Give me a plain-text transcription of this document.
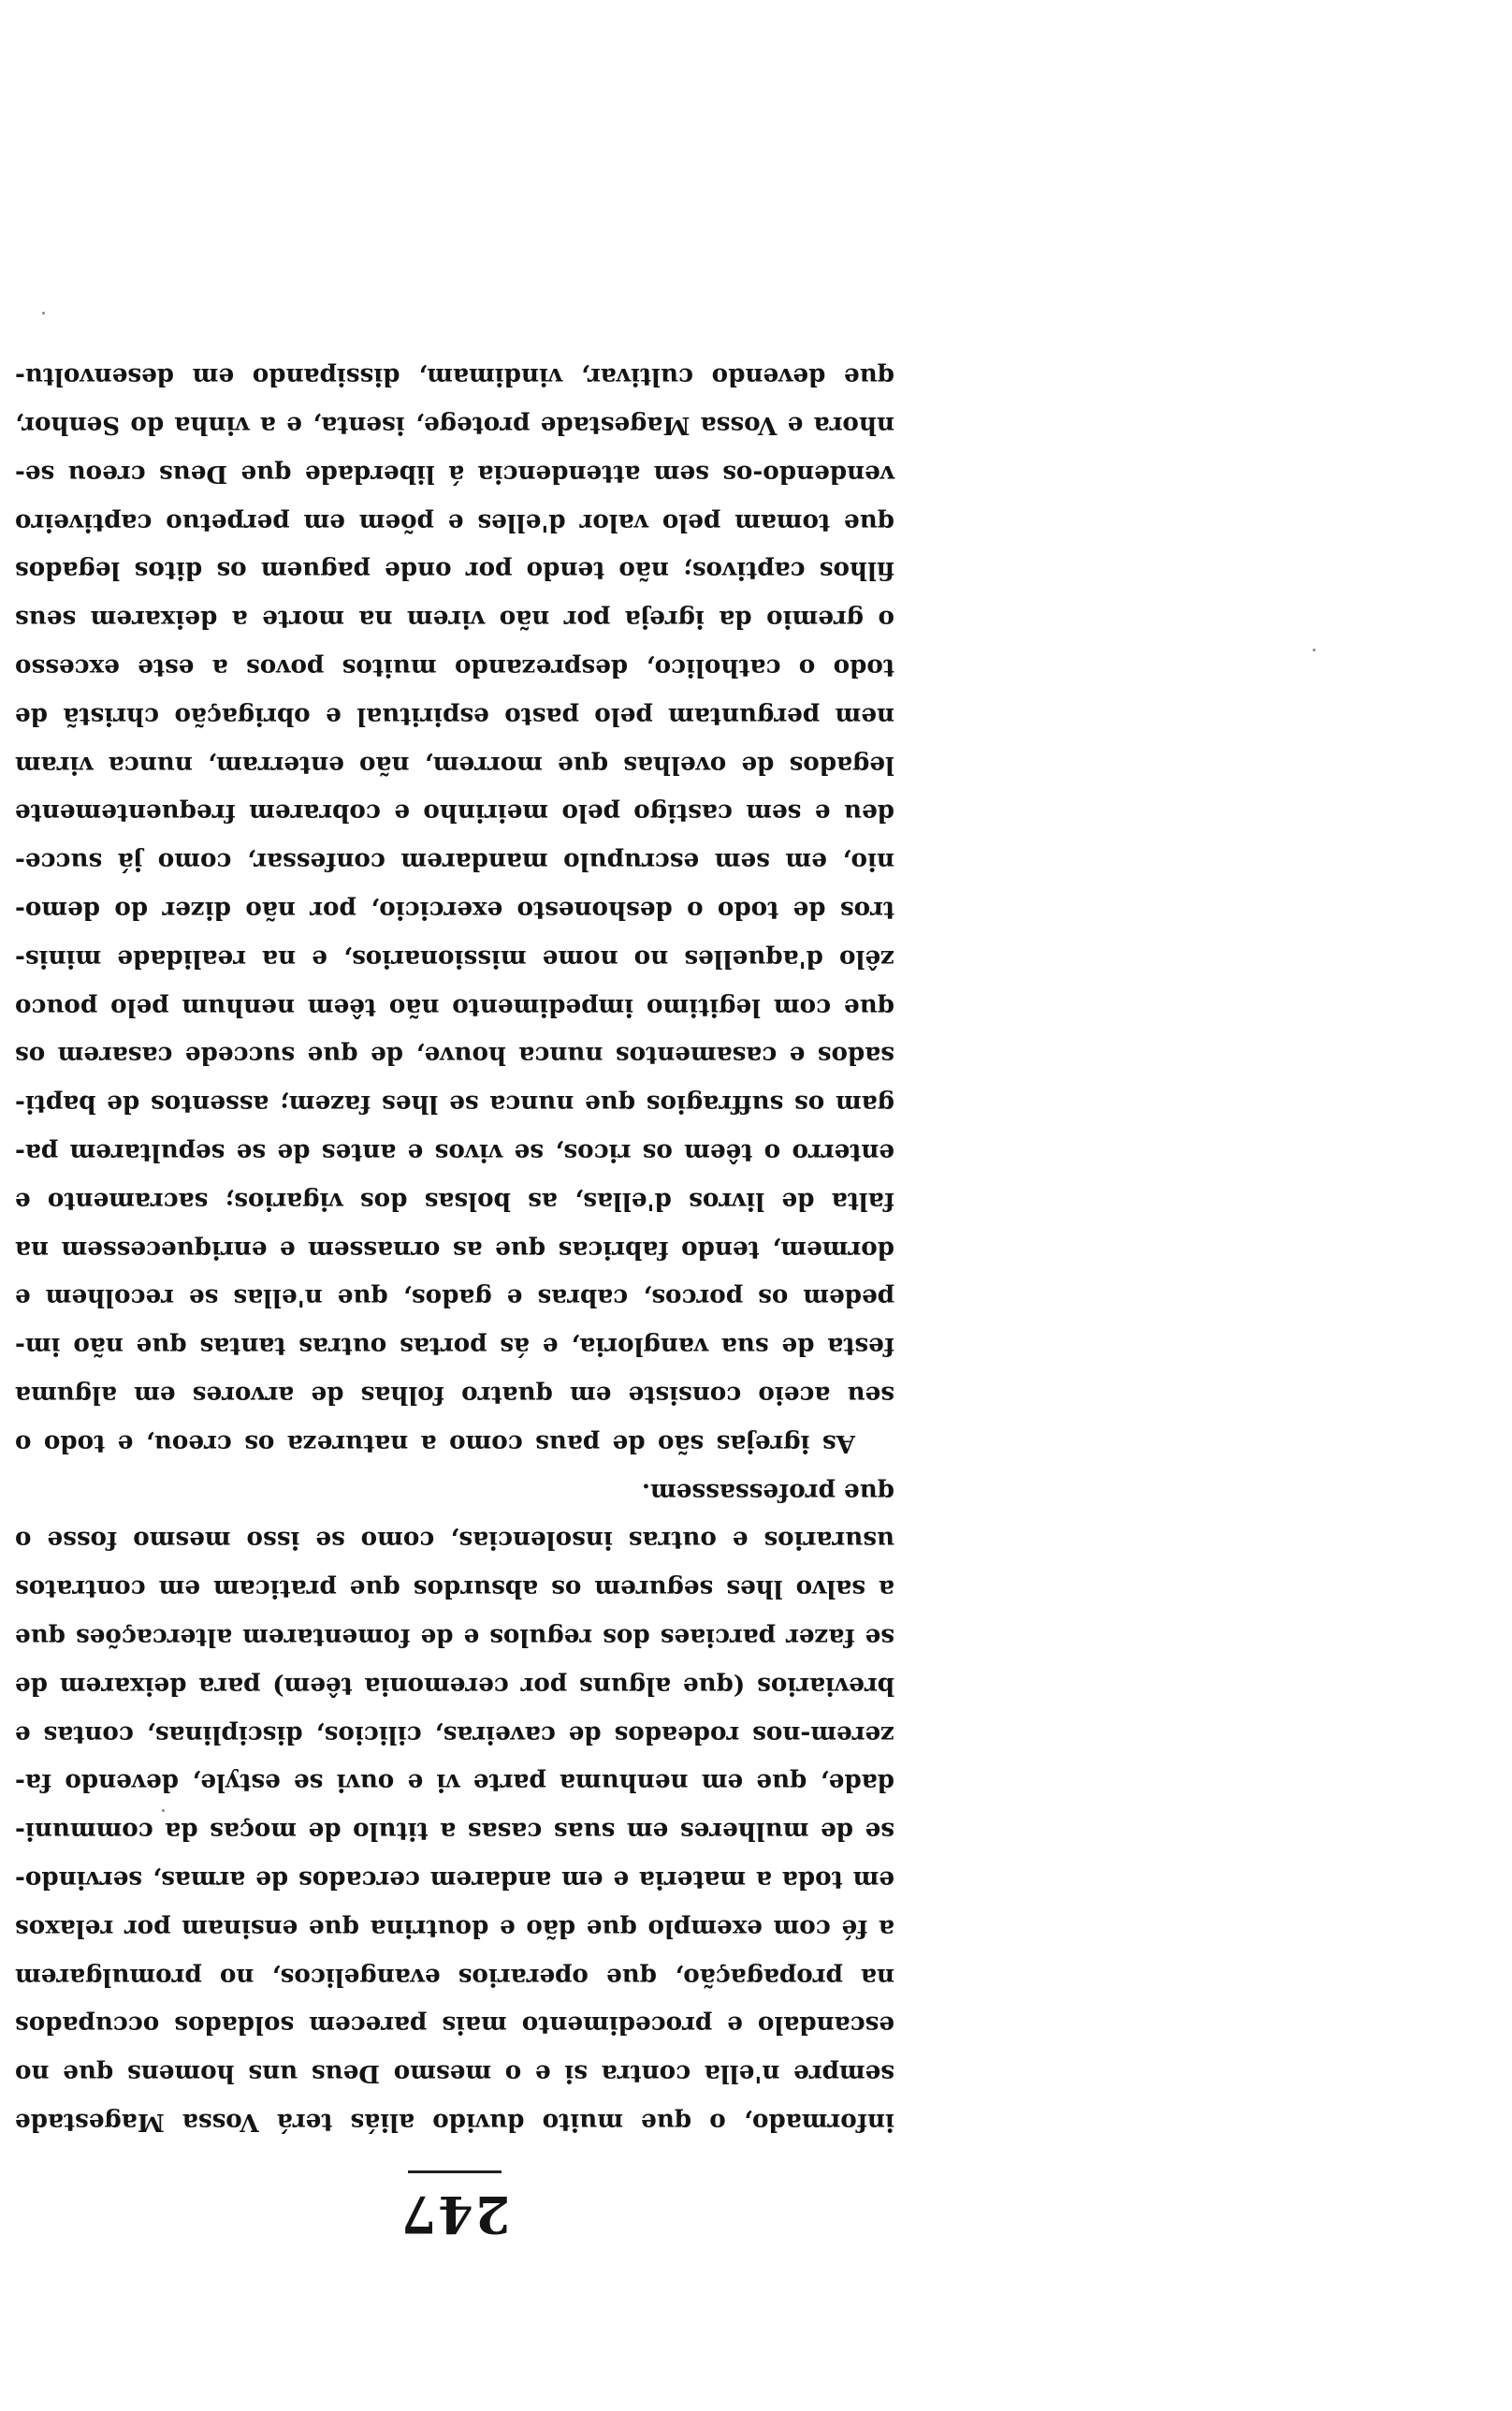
247
informado, o que muito duvido aliás terá Vossa Magestade
sempre n'ella contra si e o mesmo Deus uns homens que no
escandalo e procedimento mais parecem soldados occupados
na propagação, que operarios evangelicos, no promulgarem
a fé com exemplo que dão e doutrina que ensinam por relaxos
em toda a materia e em andarem cercados de armas, servindo-
se de mulheres em suas casas a titulo de moças da communi-
dade, que em nenhuma parte vi e ouvi se estyle, devendo fa-
zerem-nos rodeados de caveiras, cilicios, disciplinas, contas e
breviarios (que alguns por ceremonia têem) para deixarem de
se fazer parciaes dos regulos e de fomentarem altercações que
a salvo lhes segurem os absurdos que praticam em contratos
usurarios e outras insolencias, como se isso mesmo fosse o
que professassem.
As igrejas são de paus como a natureza os creou, e todo o
seu aceio consiste em quatro folhas de arvores em alguma
festa de sua vangloria, e ás portas outras tantas que não im-
pedem os porcos, cabras e gados, que n'ellas se recolhem e
dormem, tendo fabricas que as ornassem e enriquecessem na
falta de livros d'ellas, as bolsas dos vigarios; sacramento e
enterro o têem os ricos, se vivos e antes de se sepultarem pa-
gam os suffragios que nunca se lhes fazem; assentos de bapti-
sados e casamentos nunca houve, de que succede casarem os
que com legitimo impedimento não têem nenhum pelo pouco
zêlo d'aquelles no nome missionarios, e na realidade minis-
tros de todo o deshonesto exercicio, por não dizer do demo-
nio, em sem escrupulo mandarem confessar, como já succe-
deu e sem castigo pelo meirinho e cobrarem frequentemente
legados de ovelhas que morrem, não enterram, nunca viram
nem perguntam pelo pasto espiritual e obrigação christã de
todo o catholico, desprezando muitos povos a este excesso
o gremio da igreja por não virem na morte a deixarem seus
filhos captivos; não tendo por onde paguem os ditos legados
que tomam pelo valor d'elles e põem em perpetuo captiveiro
vendendo-os sem attendencia á liberdade que Deus creou se-
nhora e Vossa Magestade protege, isenta, e a vinha do Senhor,
que devendo cultivar, vindimam, dissipando em desenvoltu-
